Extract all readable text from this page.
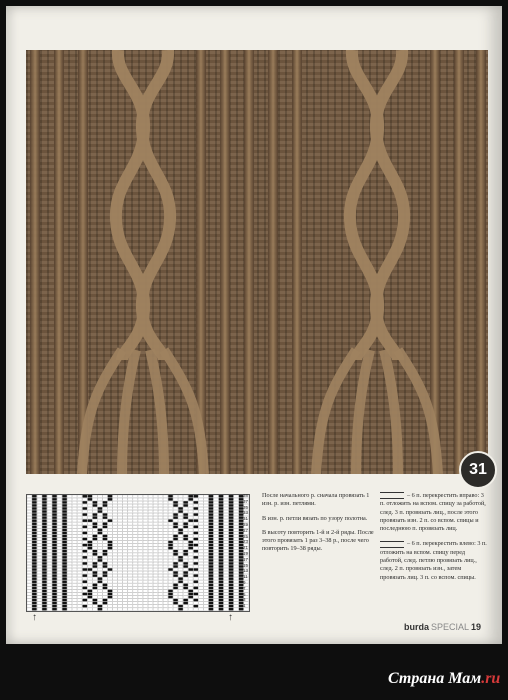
31
38
37
35
33
31
29
27
25
23
21
19
17
15
13
11
9
7
5
3
1
↑	↑

После начального р. сначала провязать 1 изн. р. изн. петлями.

В изн. р. петли вязать по узору полотна.

В высоту повторить 1-й и 2-й ряды. После этого провязать 1 раз 3–38 р., после чего повторить 19–38 ряды.

– 6 п. перекрестить вправо: 3 п. отложить на вспом. спицу за работой, след. 3 п. провязать лиц., после этого провязать изн. 2 п. со вспом. спицы и последнюю п. провязать лиц.

– 6 п. перекрестить влево: 3 п. отложить на вспом. спицу перед работой, след. петлю провязать лиц., след. 2 п. провязать изн., затем провязать лиц. 3 п. со вспом. спицы.

burda SPECIAL 19
Страна Мам.ru
